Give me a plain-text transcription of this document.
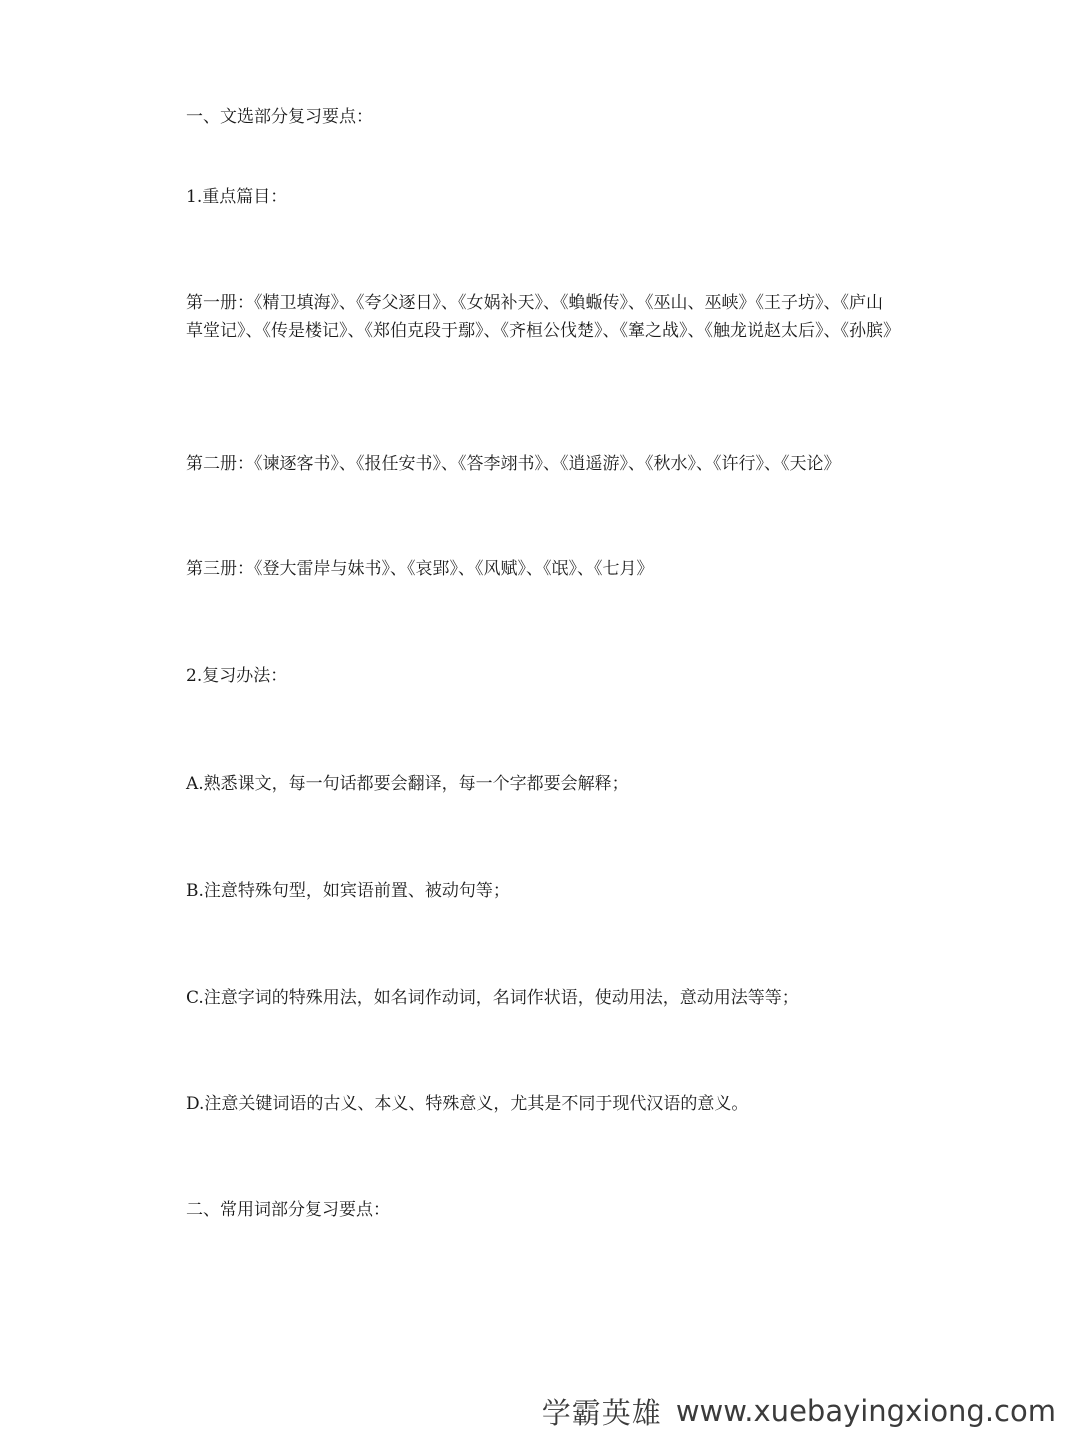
一、文选部分复习要点：

1.重点篇目：

第一册：《精卫填海》、《夸父逐日》、《女娲补天》、《蝜蝂传》、《巫山、巫峡》《王子坊》、《庐山草堂记》、《传是楼记》、《郑伯克段于鄢》、《齐桓公伐楚》、《鞌之战》、《触龙说赵太后》、《孙膑》

第二册：《谏逐客书》、《报任安书》、《答李翊书》、《逍遥游》、《秋水》、《许行》、《天论》

第三册：《登大雷岸与妹书》、《哀郢》、《风赋》、《氓》、《七月》

2.复习办法：

A.熟悉课文，每一句话都要会翻译，每一个字都要会解释；

B.注意特殊句型，如宾语前置、被动句等；

C.注意字词的特殊用法，如名词作动词，名词作状语，使动用法，意动用法等等；

D.注意关键词语的古义、本义、特殊意义，尤其是不同于现代汉语的意义。

二、常用词部分复习要点：

学霸英雄 www.xuebayingxiong.com
